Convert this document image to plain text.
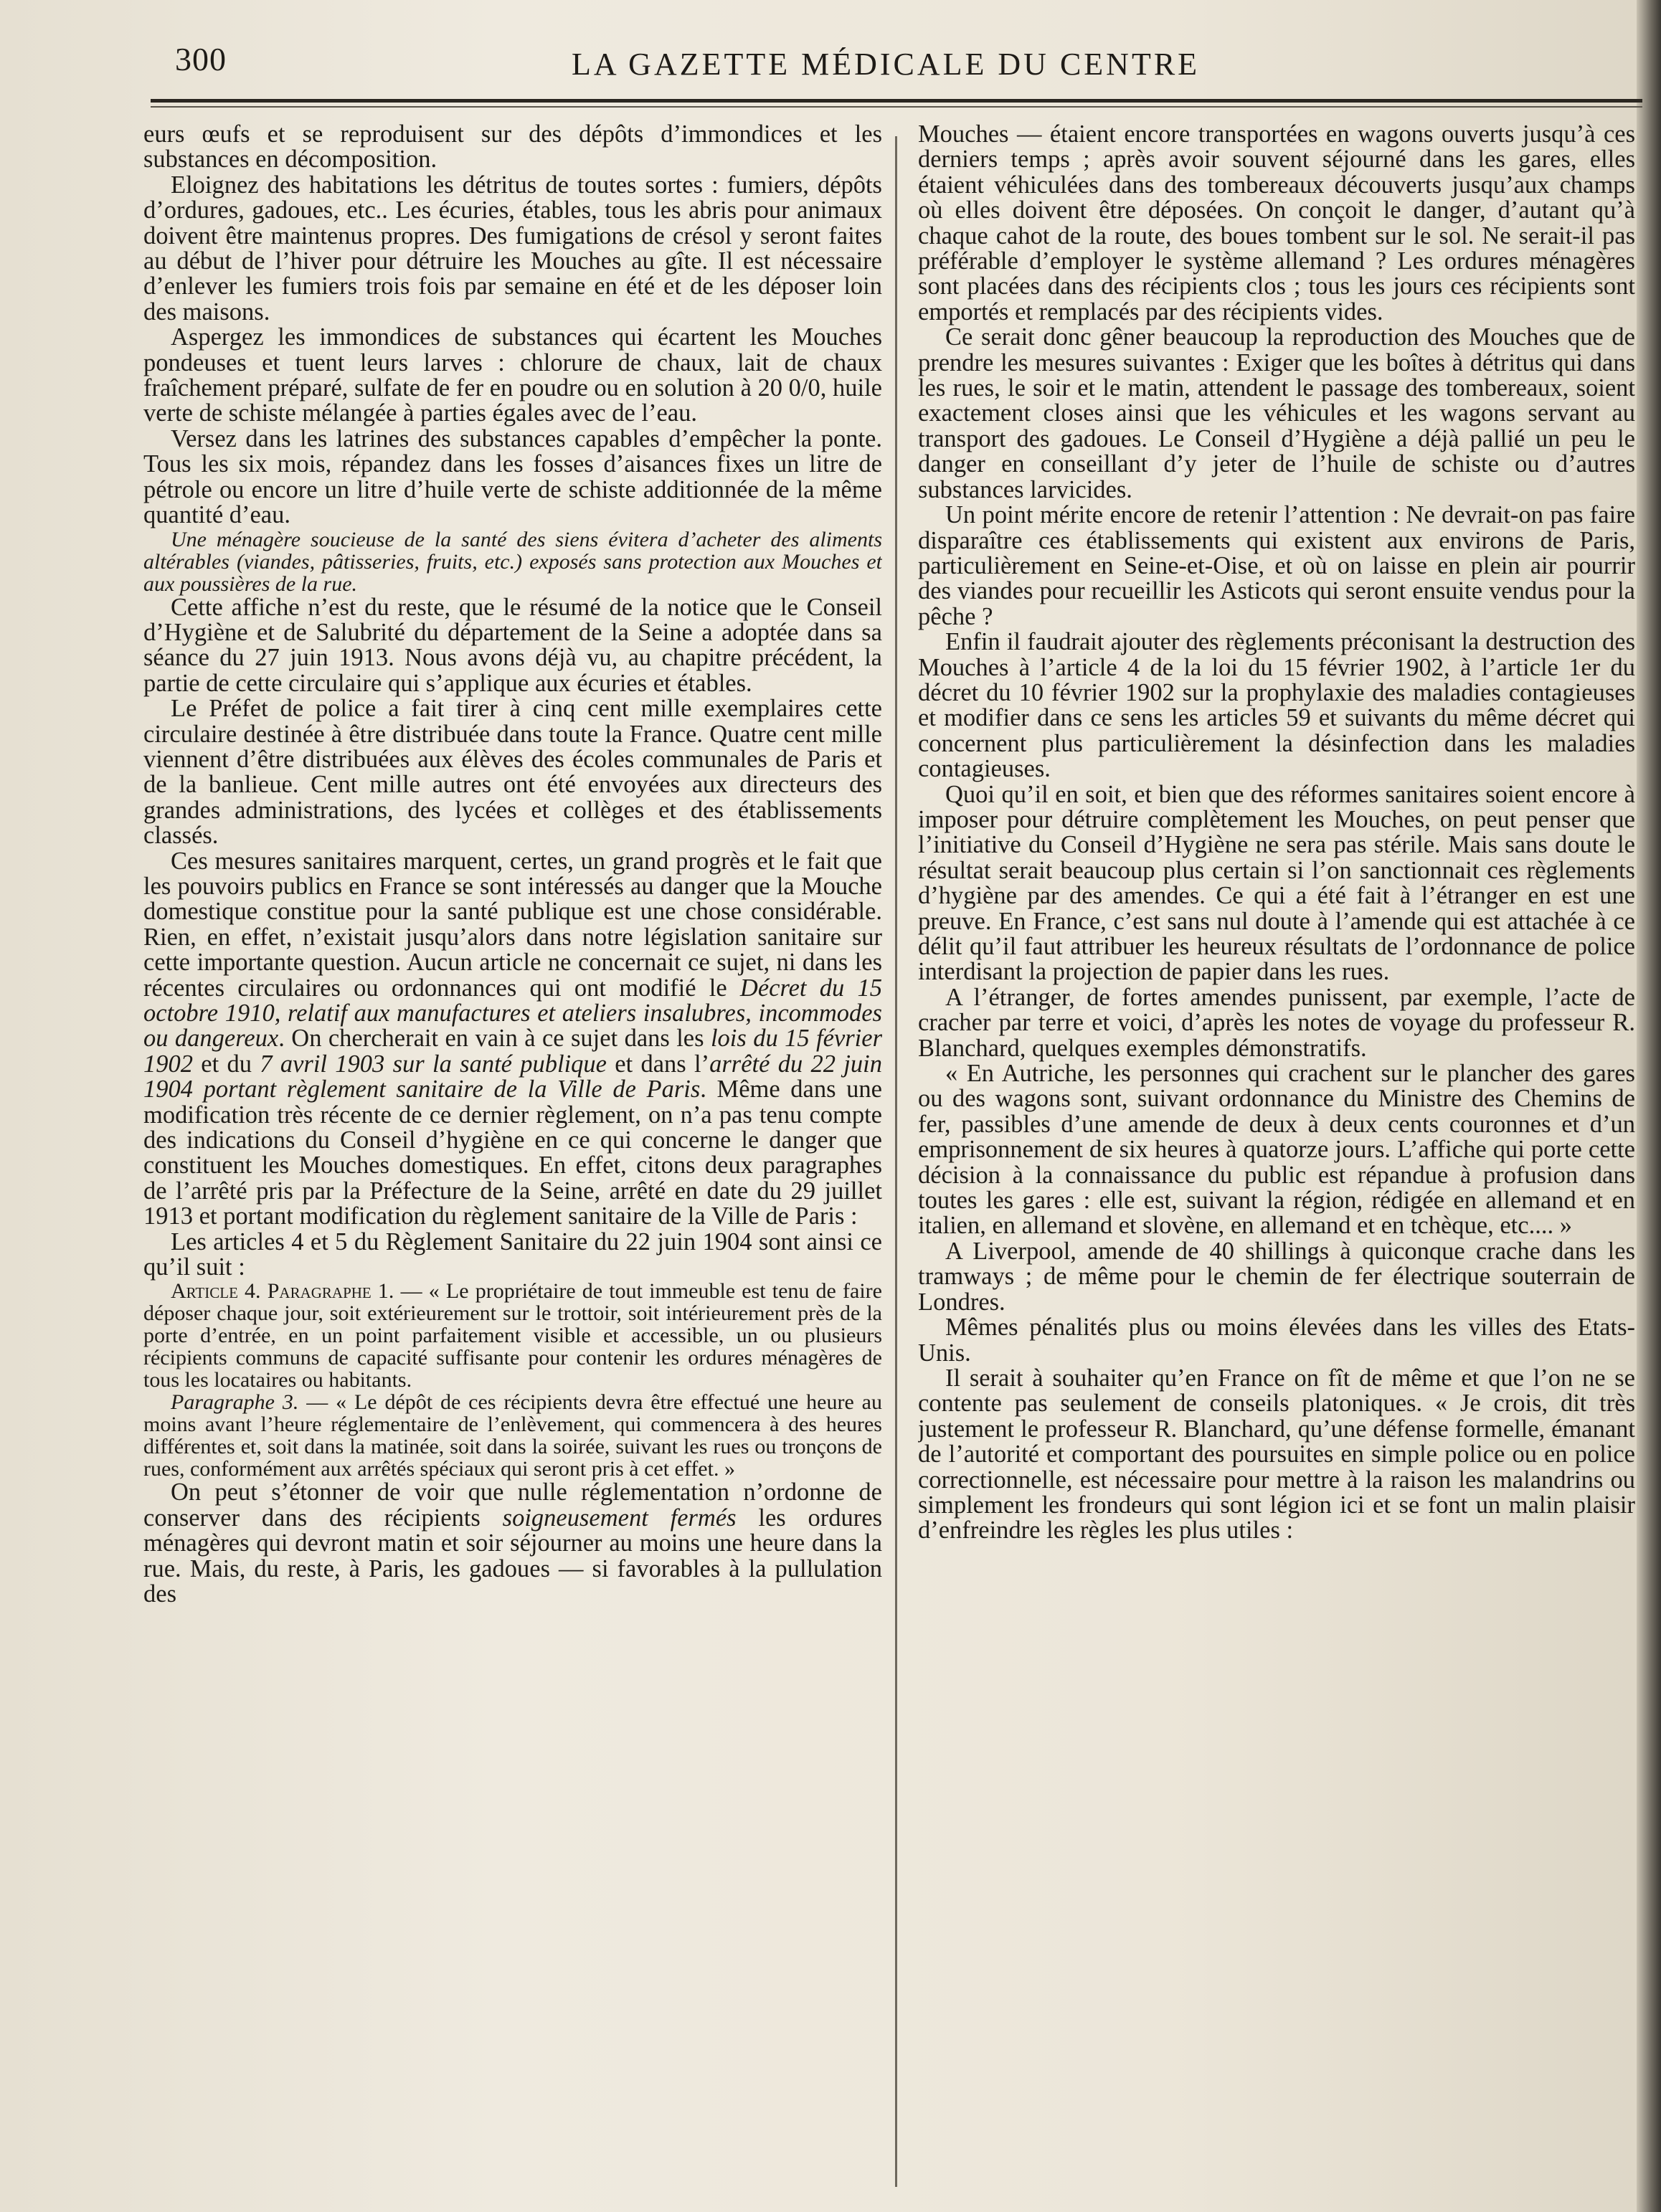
300	LA GAZETTE MÉDICALE DU CENTRE

eurs œufs et se reproduisent sur des dépôts d’immondices et les substances en décomposition.

Eloignez des habitations les détritus de toutes sortes : fumiers, dépôts d’ordures, gadoues, etc.. Les écuries, étables, tous les abris pour animaux doivent être maintenus propres. Des fumigations de crésol y seront faites au début de l’hiver pour détruire les Mouches au gîte. Il est nécessaire d’enlever les fumiers trois fois par semaine en été et de les déposer loin des maisons.

Aspergez les immondices de substances qui écartent les Mouches pondeuses et tuent leurs larves : chlorure de chaux, lait de chaux fraîchement préparé, sulfate de fer en poudre ou en solution à 20 0/0, huile verte de schiste mélangée à parties égales avec de l’eau.

Versez dans les latrines des substances capables d’empêcher la ponte. Tous les six mois, répandez dans les fosses d’aisances fixes un litre de pétrole ou encore un litre d’huile verte de schiste additionnée de la même quantité d’eau.

Une ménagère soucieuse de la santé des siens évitera d’acheter des aliments altérables (viandes, pâtisseries, fruits, etc.) exposés sans protection aux Mouches et aux poussières de la rue.

Cette affiche n’est du reste, que le résumé de la notice que le Conseil d’Hygiène et de Salubrité du département de la Seine a adoptée dans sa séance du 27 juin 1913. Nous avons déjà vu, au chapitre précédent, la partie de cette circulaire qui s’applique aux écuries et étables.

Le Préfet de police a fait tirer à cinq cent mille exemplaires cette circulaire destinée à être distribuée dans toute la France. Quatre cent mille viennent d’être distribuées aux élèves des écoles communales de Paris et de la banlieue. Cent mille autres ont été envoyées aux directeurs des grandes administrations, des lycées et collèges et des établissements classés.

Ces mesures sanitaires marquent, certes, un grand progrès et le fait que les pouvoirs publics en France se sont intéressés au danger que la Mouche domestique constitue pour la santé publique est une chose considérable. Rien, en effet, n’existait jusqu’alors dans notre législation sanitaire sur cette importante question. Aucun article ne concernait ce sujet, ni dans les récentes circulaires ou ordonnances qui ont modifié le Décret du 15 octobre 1910, relatif aux manufactures et ateliers insalubres, incommodes ou dangereux. On chercherait en vain à ce sujet dans les lois du 15 février 1902 et du 7 avril 1903 sur la santé publique et dans l’arrêté du 22 juin 1904 portant règlement sanitaire de la Ville de Paris. Même dans une modification très récente de ce dernier règlement, on n’a pas tenu compte des indications du Conseil d’hygiène en ce qui concerne le danger que constituent les Mouches domestiques. En effet, citons deux paragraphes de l’arrêté pris par la Préfecture de la Seine, arrêté en date du 29 juillet 1913 et portant modification du règlement sanitaire de la Ville de Paris :

Les articles 4 et 5 du Règlement Sanitaire du 22 juin 1904 sont ainsi ce qu’il suit :

Article 4. Paragraphe 1. — « Le propriétaire de tout immeuble est tenu de faire déposer chaque jour, soit extérieurement sur le trottoir, soit intérieurement près de la porte d’entrée, en un point parfaitement visible et accessible, un ou plusieurs récipients communs de capacité suffisante pour contenir les ordures ménagères de tous les locataires ou habitants.

Paragraphe 3. — « Le dépôt de ces récipients devra être effectué une heure au moins avant l’heure réglementaire de l’enlèvement, qui commencera à des heures différentes et, soit dans la matinée, soit dans la soirée, suivant les rues ou tronçons de rues, conformément aux arrêtés spéciaux qui seront pris à cet effet. »

On peut s’étonner de voir que nulle réglementation n’ordonne de conserver dans des récipients soigneusement fermés les ordures ménagères qui devront matin et soir séjourner au moins une heure dans la rue. Mais, du reste, à Paris, les gadoues — si favorables à la pullulation des

Mouches — étaient encore transportées en wagons ouverts jusqu’à ces derniers temps ; après avoir souvent séjourné dans les gares, elles étaient véhiculées dans des tombereaux découverts jusqu’aux champs où elles doivent être déposées. On conçoit le danger, d’autant qu’à chaque cahot de la route, des boues tombent sur le sol. Ne serait-il pas préférable d’employer le système allemand ? Les ordures ménagères sont placées dans des récipients clos ; tous les jours ces récipients sont emportés et remplacés par des récipients vides.

Ce serait donc gêner beaucoup la reproduction des Mouches que de prendre les mesures suivantes : Exiger que les boîtes à détritus qui dans les rues, le soir et le matin, attendent le passage des tombereaux, soient exactement closes ainsi que les véhicules et les wagons servant au transport des gadoues. Le Conseil d’Hygiène a déjà pallié un peu le danger en conseillant d’y jeter de l’huile de schiste ou d’autres substances larvicides.

Un point mérite encore de retenir l’attention : Ne devrait-on pas faire disparaître ces établissements qui existent aux environs de Paris, particulièrement en Seine-et-Oise, et où on laisse en plein air pourrir des viandes pour recueillir les Asticots qui seront ensuite vendus pour la pêche ?

Enfin il faudrait ajouter des règlements préconisant la destruction des Mouches à l’article 4 de la loi du 15 février 1902, à l’article 1er du décret du 10 février 1902 sur la prophylaxie des maladies contagieuses et modifier dans ce sens les articles 59 et suivants du même décret qui concernent plus particulièrement la désinfection dans les maladies contagieuses.

Quoi qu’il en soit, et bien que des réformes sanitaires soient encore à imposer pour détruire complètement les Mouches, on peut penser que l’initiative du Conseil d’Hygiène ne sera pas stérile. Mais sans doute le résultat serait beaucoup plus certain si l’on sanctionnait ces règlements d’hygiène par des amendes. Ce qui a été fait à l’étranger en est une preuve. En France, c’est sans nul doute à l’amende qui est attachée à ce délit qu’il faut attribuer les heureux résultats de l’ordonnance de police interdisant la projection de papier dans les rues.

A l’étranger, de fortes amendes punissent, par exemple, l’acte de cracher par terre et voici, d’après les notes de voyage du professeur R. Blanchard, quelques exemples démonstratifs.

« En Autriche, les personnes qui crachent sur le plancher des gares ou des wagons sont, suivant ordonnance du Ministre des Chemins de fer, passibles d’une amende de deux à deux cents couronnes et d’un emprisonnement de six heures à quatorze jours. L’affiche qui porte cette décision à la connaissance du public est répandue à profusion dans toutes les gares : elle est, suivant la région, rédigée en allemand et en italien, en allemand et slovène, en allemand et en tchèque, etc.... »

A Liverpool, amende de 40 shillings à quiconque crache dans les tramways ; de même pour le chemin de fer électrique souterrain de Londres.

Mêmes pénalités plus ou moins élevées dans les villes des Etats-Unis.

Il serait à souhaiter qu’en France on fît de même et que l’on ne se contente pas seulement de conseils platoniques. « Je crois, dit très justement le professeur R. Blanchard, qu’une défense formelle, émanant de l’autorité et comportant des poursuites en simple police ou en police correctionnelle, est nécessaire pour mettre à la raison les malandrins ou simplement les frondeurs qui sont légion ici et se font un malin plaisir d’enfreindre les règles les plus utiles :
